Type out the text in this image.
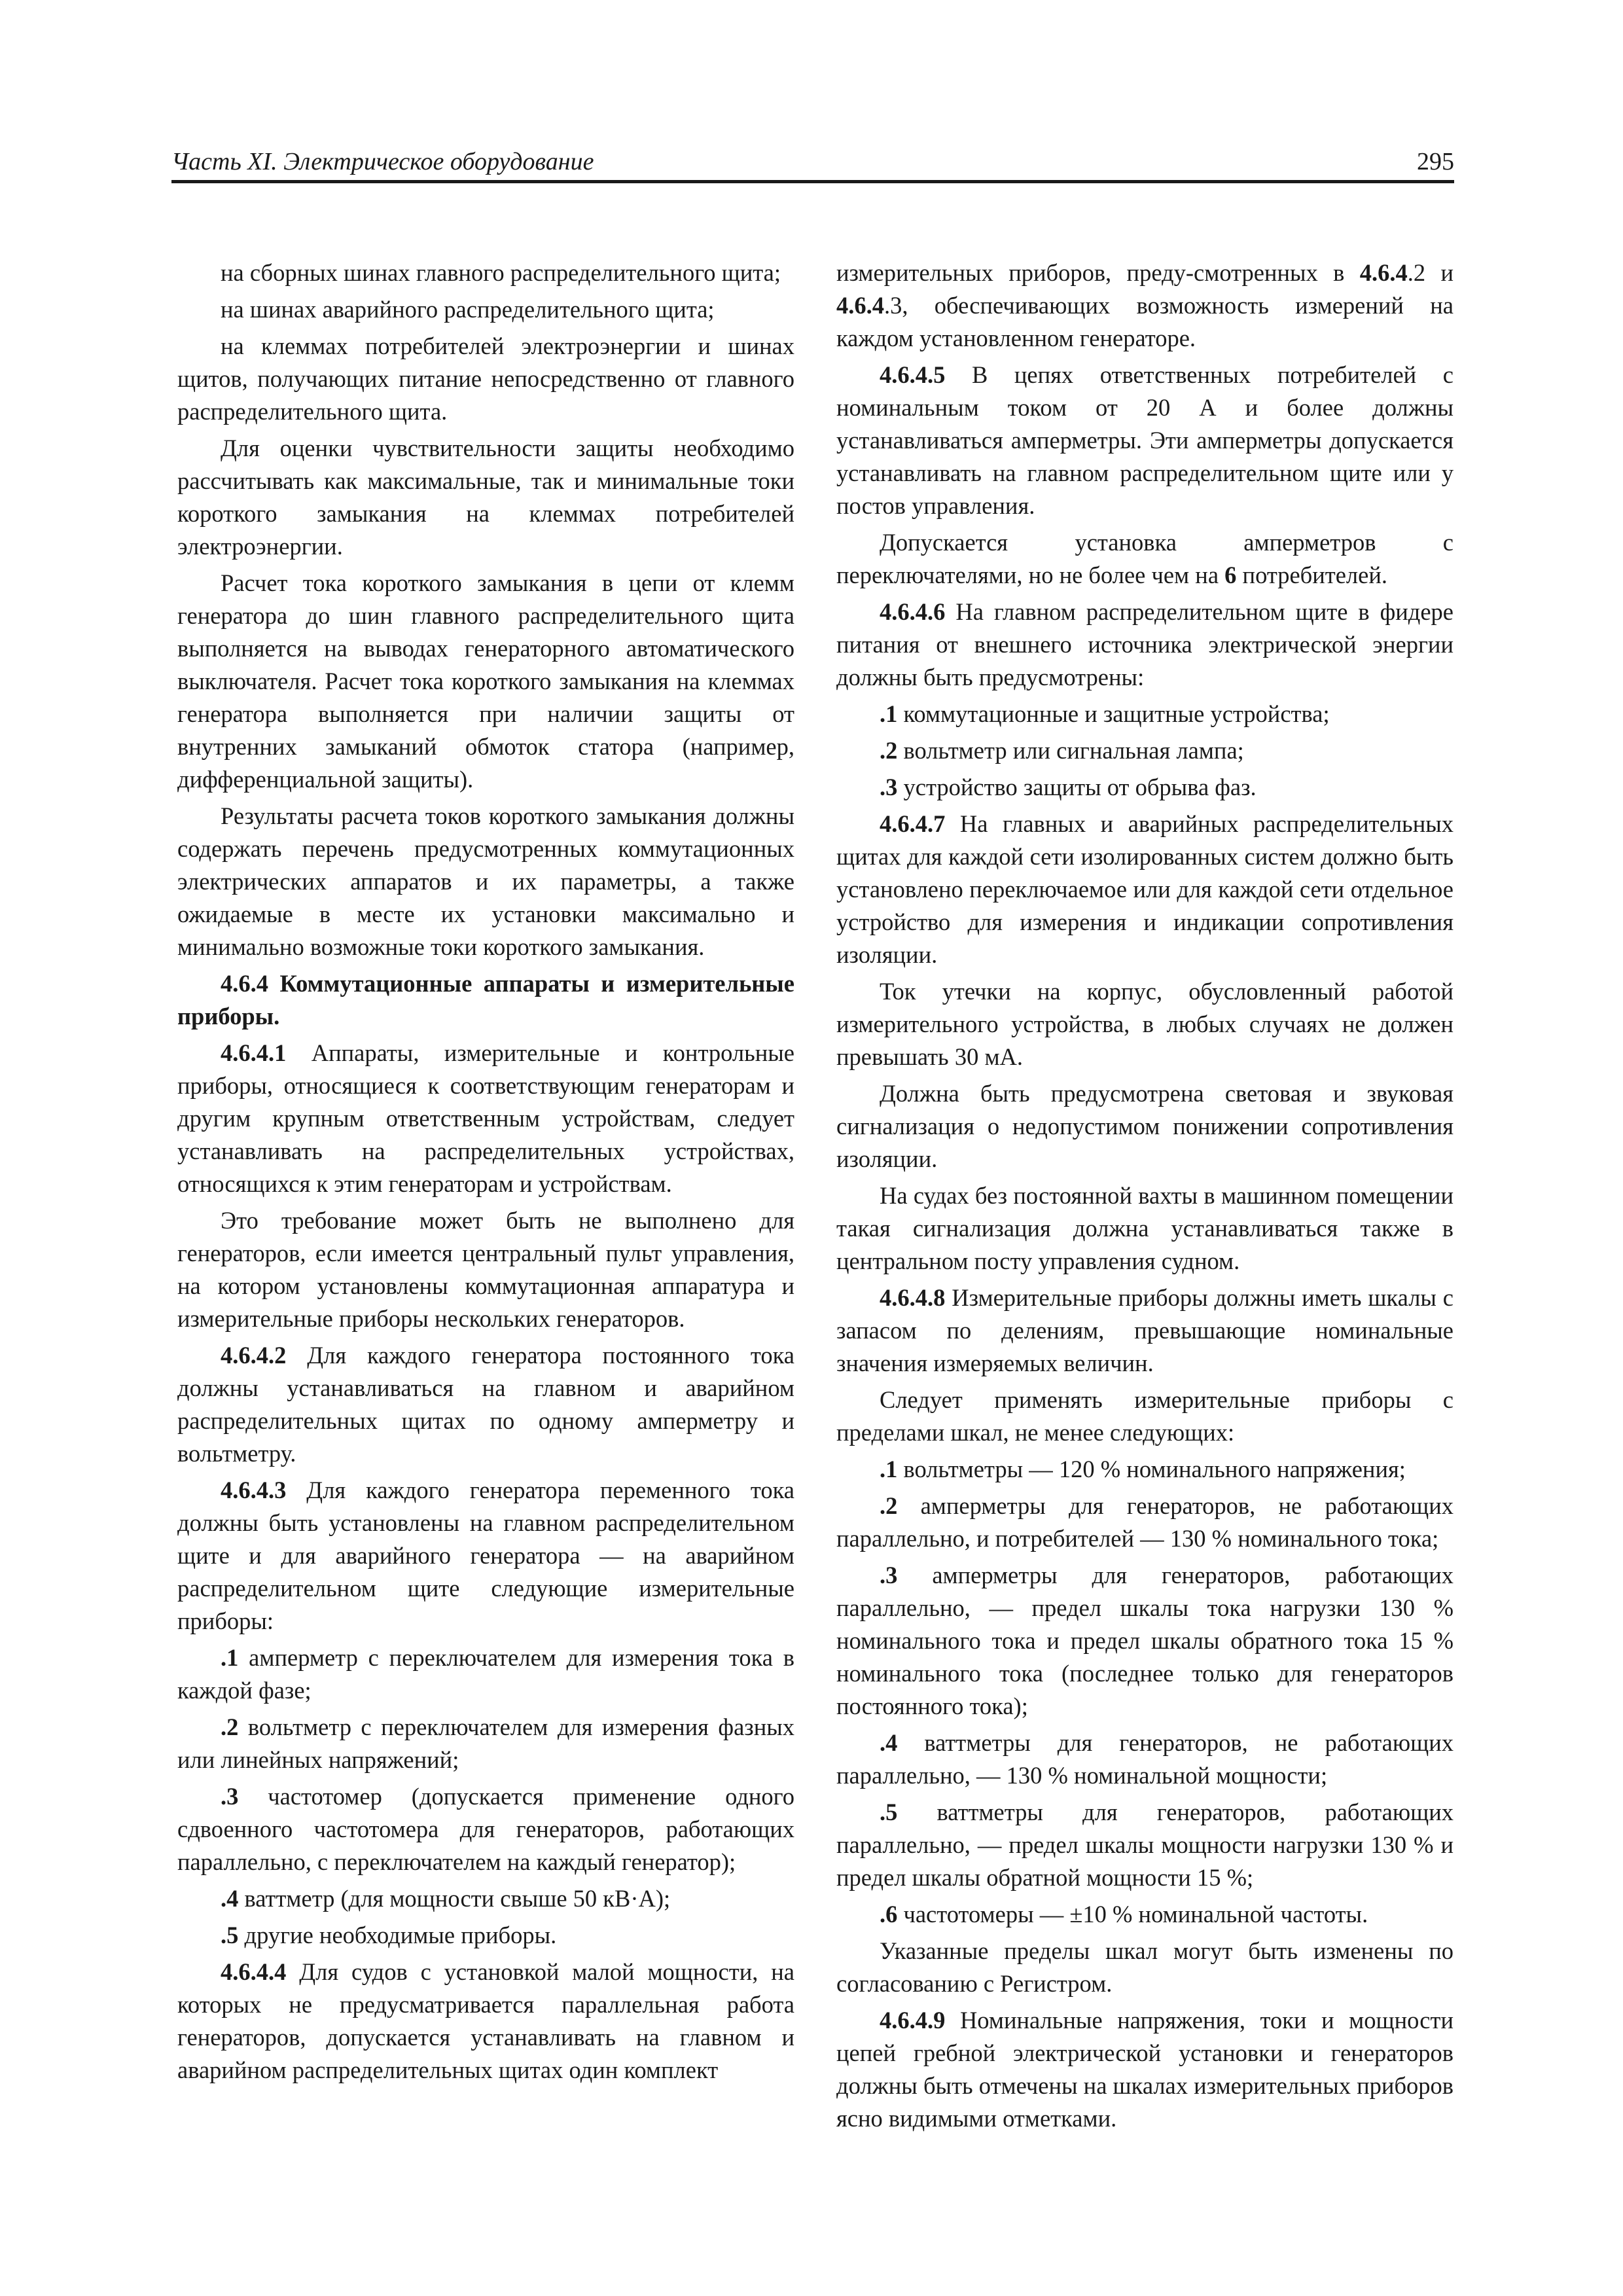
Часть XI. Электрическое оборудование	295

на сборных шинах главного распределительного щита;

на шинах аварийного распределительного щита;

на клеммах потребителей электроэнергии и шинах щитов, получающих питание непосредственно от главного распределительного щита.

Для оценки чувствительности защиты необходимо рассчитывать как максимальные, так и минимальные токи короткого замыкания на клеммах потребителей электроэнергии.

Расчет тока короткого замыкания в цепи от клемм генератора до шин главного распределительного щита выполняется на выводах генераторного автоматического выключателя. Расчет тока короткого замыкания на клеммах генератора выполняется при наличии защиты от внутренних замыканий обмоток статора (например, дифференциальной защиты).

Результаты расчета токов короткого замыкания должны содержать перечень предусмотренных коммутационных электрических аппаратов и их параметры, а также ожидаемые в месте их установки максимально и минимально возможные токи короткого замыкания.

4.6.4 Коммутационные аппараты и измерительные приборы.

4.6.4.1 Аппараты, измерительные и контрольные приборы, относящиеся к соответствующим генераторам и другим крупным ответственным устройствам, следует устанавливать на распределительных устройствах, относящихся к этим генераторам и устройствам.

Это требование может быть не выполнено для генераторов, если имеется центральный пульт управления, на котором установлены коммутационная аппаратура и измерительные приборы нескольких генераторов.

4.6.4.2 Для каждого генератора постоянного тока должны устанавливаться на главном и аварийном распределительных щитах по одному амперметру и вольтметру.

4.6.4.3 Для каждого генератора переменного тока должны быть установлены на главном распределительном щите и для аварийного генератора — на аварийном распределительном щите следующие измерительные приборы:

.1 амперметр с переключателем для измерения тока в каждой фазе;

.2 вольтметр с переключателем для измерения фазных или линейных напряжений;

.3 частотомер (допускается применение одного сдвоенного частотомера для генераторов, работающих параллельно, с переключателем на каждый генератор);

.4 ваттметр (для мощности свыше 50 кВ·А);

.5 другие необходимые приборы.

4.6.4.4 Для судов с установкой малой мощности, на которых не предусматривается параллельная работа генераторов, допускается устанавливать на главном и аварийном распределительных щитах один комплект

измерительных приборов, преду-смотренных в 4.6.4.2 и 4.6.4.3, обеспечивающих возможность измерений на каждом установленном генераторе.

4.6.4.5 В цепях ответственных потребителей с номинальным током от 20 А и более должны устанавливаться амперметры. Эти амперметры допускается устанавливать на главном распределительном щите или у постов управления.

Допускается установка амперметров с переключателями, но не более чем на 6 потребителей.

4.6.4.6 На главном распределительном щите в фидере питания от внешнего источника электрической энергии должны быть предусмотрены:

.1 коммутационные и защитные устройства;

.2 вольтметр или сигнальная лампа;

.3 устройство защиты от обрыва фаз.

4.6.4.7 На главных и аварийных распределительных щитах для каждой сети изолированных систем должно быть установлено переключаемое или для каждой сети отдельное устройство для измерения и индикации сопротивления изоляции.

Ток утечки на корпус, обусловленный работой измерительного устройства, в любых случаях не должен превышать 30 мА.

Должна быть предусмотрена световая и звуковая сигнализация о недопустимом понижении сопротивления изоляции.

На судах без постоянной вахты в машинном помещении такая сигнализация должна устанавливаться также в центральном посту управления судном.

4.6.4.8 Измерительные приборы должны иметь шкалы с запасом по делениям, превышающие номинальные значения измеряемых величин.

Следует применять измерительные приборы с пределами шкал, не менее следующих:

.1 вольтметры — 120 % номинального напряжения;

.2 амперметры для генераторов, не работающих параллельно, и потребителей — 130 % номинального тока;

.3 амперметры для генераторов, работающих параллельно, — предел шкалы тока нагрузки 130 % номинального тока и предел шкалы обратного тока 15 % номинального тока (последнее только для генераторов постоянного тока);

.4 ваттметры для генераторов, не работающих параллельно, — 130 % номинальной мощности;

.5 ваттметры для генераторов, работающих параллельно, — предел шкалы мощности нагрузки 130 % и предел шкалы обратной мощности 15 %;

.6 частотомеры — ±10 % номинальной частоты.

Указанные пределы шкал могут быть изменены по согласованию с Регистром.

4.6.4.9 Номинальные напряжения, токи и мощности цепей гребной электрической установки и генераторов должны быть отмечены на шкалах измерительных приборов ясно видимыми отметками.
